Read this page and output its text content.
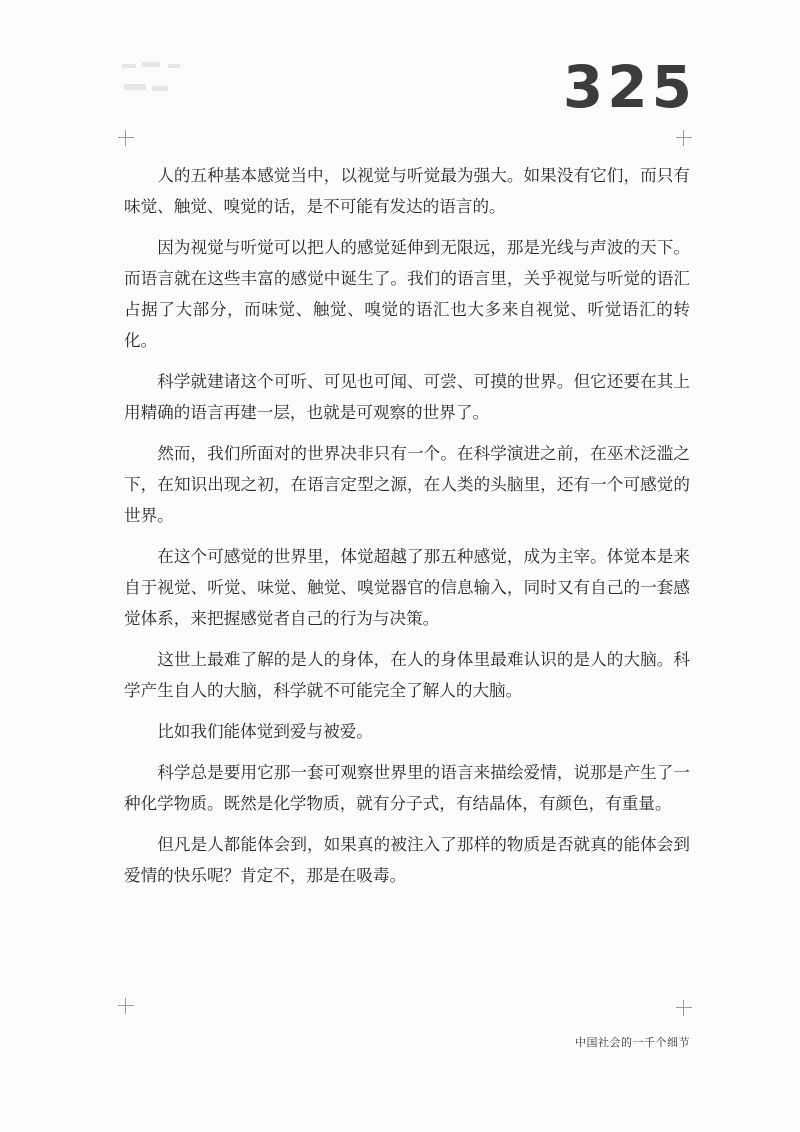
325

人的五种基本感觉当中，以视觉与听觉最为强大。如果没有它们，而只有味觉、触觉、嗅觉的话，是不可能有发达的语言的。

因为视觉与听觉可以把人的感觉延伸到无限远，那是光线与声波的天下。而语言就在这些丰富的感觉中诞生了。我们的语言里，关乎视觉与听觉的语汇占据了大部分，而味觉、触觉、嗅觉的语汇也大多来自视觉、听觉语汇的转化。

科学就建诸这个可听、可见也可闻、可尝、可摸的世界。但它还要在其上用精确的语言再建一层，也就是可观察的世界了。

然而，我们所面对的世界决非只有一个。在科学演进之前，在巫术泛滥之下，在知识出现之初，在语言定型之源，在人类的头脑里，还有一个可感觉的世界。

在这个可感觉的世界里，体觉超越了那五种感觉，成为主宰。体觉本是来自于视觉、听觉、味觉、触觉、嗅觉器官的信息输入，同时又有自己的一套感觉体系，来把握感觉者自己的行为与决策。

这世上最难了解的是人的身体，在人的身体里最难认识的是人的大脑。科学产生自人的大脑，科学就不可能完全了解人的大脑。

比如我们能体觉到爱与被爱。

科学总是要用它那一套可观察世界里的语言来描绘爱情，说那是产生了一种化学物质。既然是化学物质，就有分子式，有结晶体，有颜色，有重量。

但凡是人都能体会到，如果真的被注入了那样的物质是否就真的能体会到爱情的快乐呢？肯定不，那是在吸毒。

中国社会的一千个细节
